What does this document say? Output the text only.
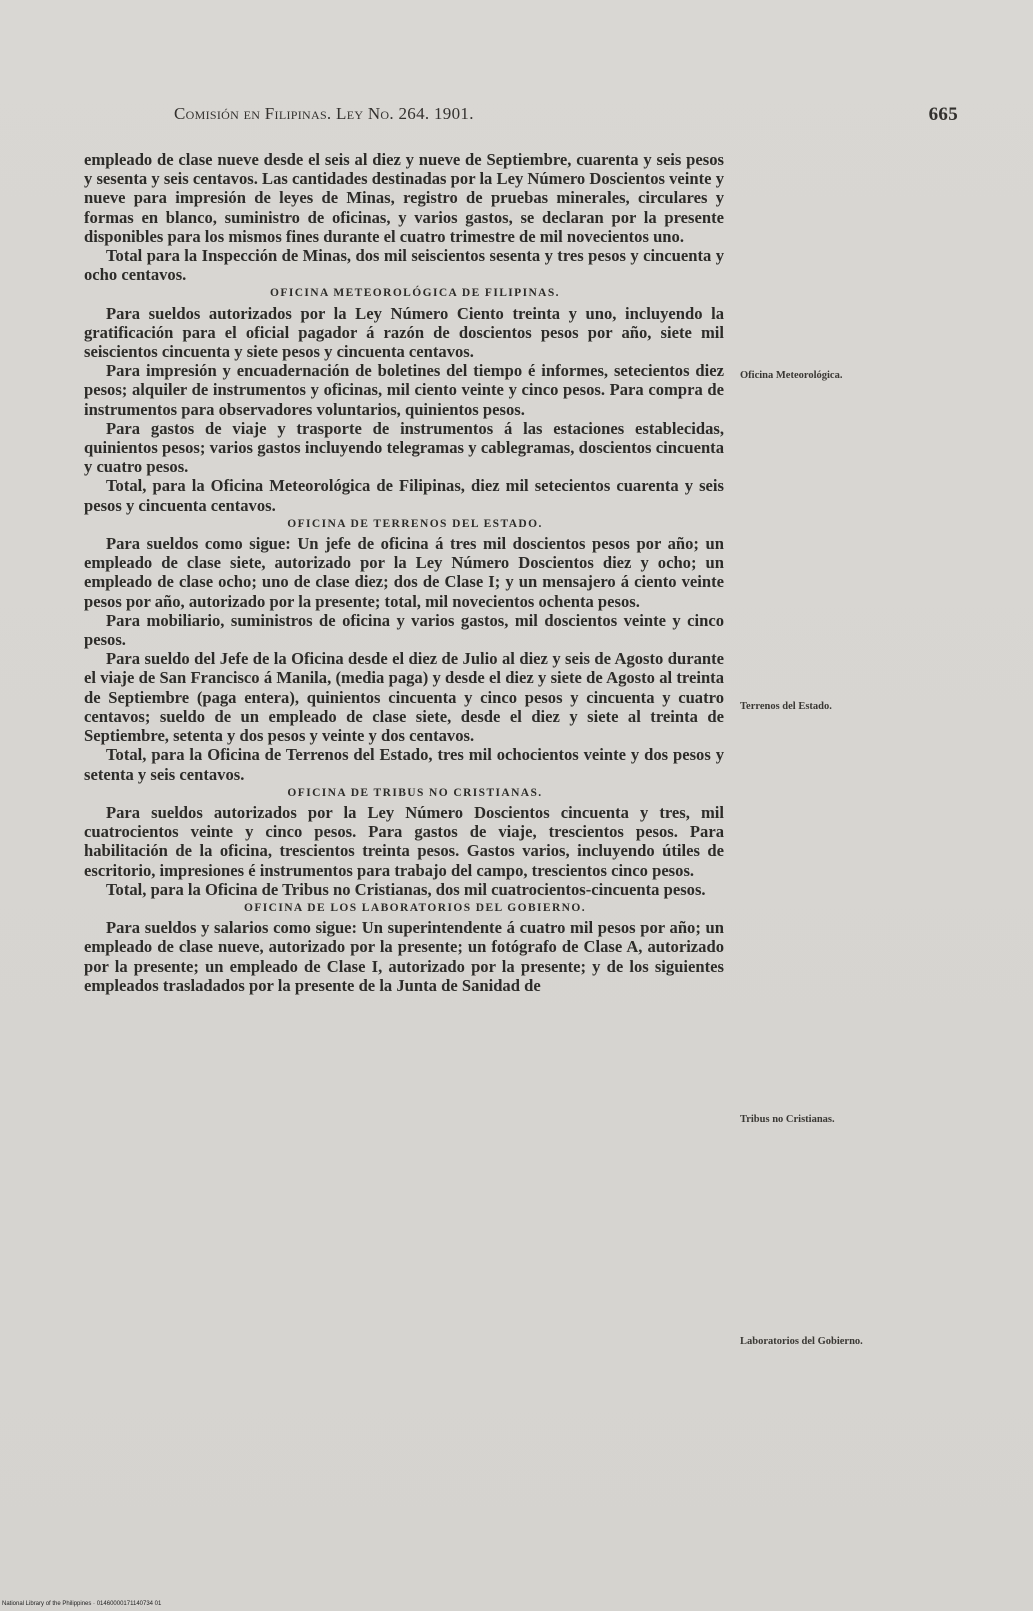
Comisión en Filipinas. Ley No. 264. 1901.	665

empleado de clase nueve desde el seis al diez y nueve de Septiembre, cuarenta y seis pesos y sesenta y seis centavos. Las cantidades destinadas por la Ley Número Doscientos veinte y nueve para impresión de leyes de Minas, registro de pruebas minerales, circulares y formas en blanco, suministro de oficinas, y varios gastos, se declaran por la presente disponibles para los mismos fines durante el cuatro trimestre de mil novecientos uno.

Total para la Inspección de Minas, dos mil seiscientos sesenta y tres pesos y cincuenta y ocho centavos.

OFICINA METEOROLÓGICA DE FILIPINAS.

Para sueldos autorizados por la Ley Número Ciento treinta y uno, incluyendo la gratificación para el oficial pagador á razón de doscientos pesos por año, siete mil seiscientos cincuenta y siete pesos y cincuenta centavos.

Para impresión y encuadernación de boletines del tiempo é informes, setecientos diez pesos; alquiler de instrumentos y oficinas, mil ciento veinte y cinco pesos. Para compra de instrumentos para observadores voluntarios, quinientos pesos.

Para gastos de viaje y trasporte de instrumentos á las estaciones establecidas, quinientos pesos; varios gastos incluyendo telegramas y cablegramas, doscientos cincuenta y cuatro pesos.

Total, para la Oficina Meteorológica de Filipinas, diez mil setecientos cuarenta y seis pesos y cincuenta centavos.

OFICINA DE TERRENOS DEL ESTADO.

Para sueldos como sigue: Un jefe de oficina á tres mil doscientos pesos por año; un empleado de clase siete, autorizado por la Ley Número Doscientos diez y ocho; un empleado de clase ocho; uno de clase diez; dos de Clase I; y un mensajero á ciento veinte pesos por año, autorizado por la presente; total, mil novecientos ochenta pesos.

Para mobiliario, suministros de oficina y varios gastos, mil doscientos veinte y cinco pesos.

Para sueldo del Jefe de la Oficina desde el diez de Julio al diez y seis de Agosto durante el viaje de San Francisco á Manila, (media paga) y desde el diez y siete de Agosto al treinta de Septiembre (paga entera), quinientos cincuenta y cinco pesos y cincuenta y cuatro centavos; sueldo de un empleado de clase siete, desde el diez y siete al treinta de Septiembre, setenta y dos pesos y veinte y dos centavos.

Total, para la Oficina de Terrenos del Estado, tres mil ochocientos veinte y dos pesos y setenta y seis centavos.

OFICINA DE TRIBUS NO CRISTIANAS.

Para sueldos autorizados por la Ley Número Doscientos cincuenta y tres, mil cuatrocientos veinte y cinco pesos. Para gastos de viaje, trescientos pesos. Para habilitación de la oficina, trescientos treinta pesos. Gastos varios, incluyendo útiles de escritorio, impresiones é instrumentos para trabajo del campo, trescientos cinco pesos.

Total, para la Oficina de Tribus no Cristianas, dos mil cuatrocientos-cincuenta pesos.

OFICINA DE LOS LABORATORIOS DEL GOBIERNO.

Para sueldos y salarios como sigue: Un superintendente á cuatro mil pesos por año; un empleado de clase nueve, autorizado por la presente; un fotógrafo de Clase A, autorizado por la presente; un empleado de Clase I, autorizado por la presente; y de los siguientes empleados trasladados por la presente de la Junta de Sanidad de

Oficina Meteorológica.
Terrenos del Estado.
Tribus no Cristianas.
Laboratorios del Gobierno.
National Library of the Philippines · 01460000171140734 01
